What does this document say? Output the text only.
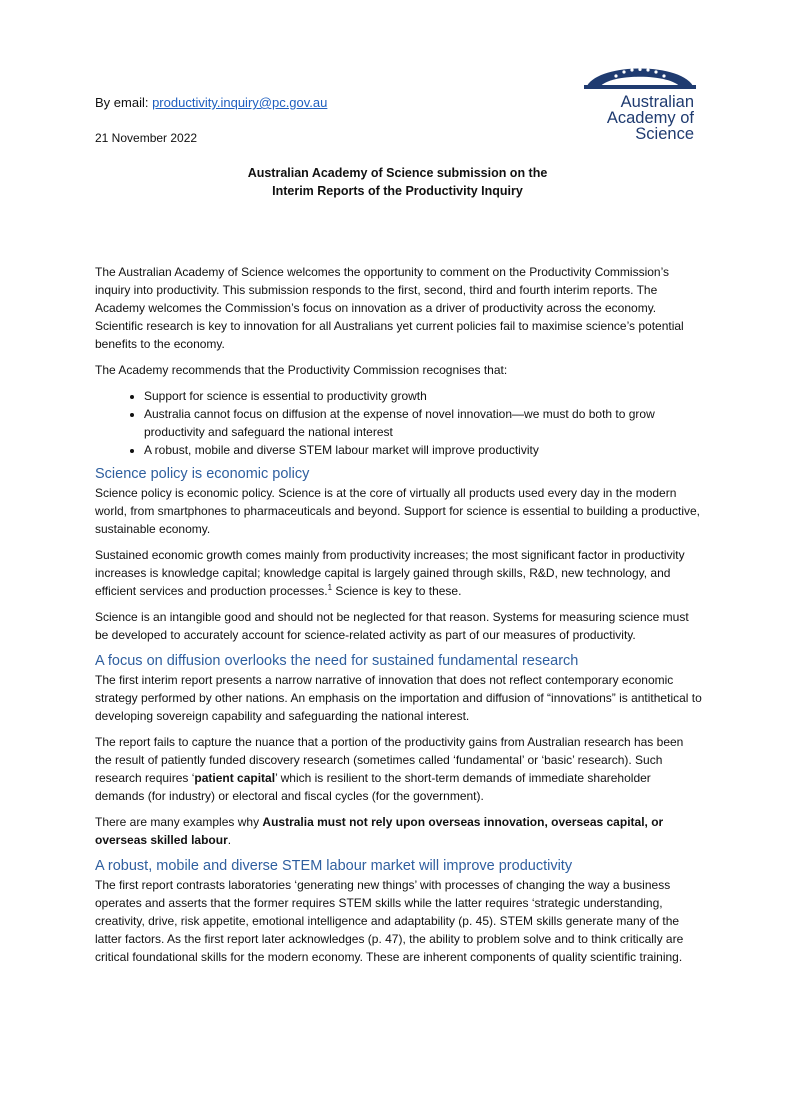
Australian
Academy of
Science
By email: productivity.inquiry@pc.gov.au
21 November 2022
Australian Academy of Science submission on the
Interim Reports of the Productivity Inquiry

The Australian Academy of Science welcomes the opportunity to comment on the Productivity Commission’s inquiry into productivity. This submission responds to the first, second, third and fourth interim reports. The Academy welcomes the Commission’s focus on innovation as a driver of productivity across the economy. Scientific research is key to innovation for all Australians yet current policies fail to maximise science’s potential benefits to the economy.

The Academy recommends that the Productivity Commission recognises that:

• Support for science is essential to productivity growth
• Australia cannot focus on diffusion at the expense of novel innovation—we must do both to grow productivity and safeguard the national interest
• A robust, mobile and diverse STEM labour market will improve productivity
Science policy is economic policy

Science policy is economic policy. Science is at the core of virtually all products used every day in the modern world, from smartphones to pharmaceuticals and beyond. Support for science is essential to building a productive, sustainable economy.

Sustained economic growth comes mainly from productivity increases; the most significant factor in productivity increases is knowledge capital; knowledge capital is largely gained through skills, R&D, new technology, and efficient services and production processes.$^1$ Science is key to these.

Science is an intangible good and should not be neglected for that reason. Systems for measuring science must be developed to accurately account for science-related activity as part of our measures of productivity.

A focus on diffusion overlooks the need for sustained fundamental research

The first interim report presents a narrow narrative of innovation that does not reflect contemporary economic strategy performed by other nations. An emphasis on the importation and diffusion of “innovations” is antithetical to developing sovereign capability and safeguarding the national interest.

The report fails to capture the nuance that a portion of the productivity gains from Australian research has been the result of patiently funded discovery research (sometimes called ‘fundamental’ or ‘basic’ research). Such research requires ‘patient capital’ which is resilient to the short-term demands of immediate shareholder demands (for industry) or electoral and fiscal cycles (for the government).

There are many examples why Australia must not rely upon overseas innovation, overseas capital, or overseas skilled labour.

A robust, mobile and diverse STEM labour market will improve productivity

The first report contrasts laboratories ‘generating new things’ with processes of changing the way a business operates and asserts that the former requires STEM skills while the latter requires ‘strategic understanding, creativity, drive, risk appetite, emotional intelligence and adaptability (p. 45). STEM skills generate many of the latter factors. As the first report later acknowledges (p. 47), the ability to problem solve and to think critically are critical foundational skills for the modern economy. These are inherent components of quality scientific training.
